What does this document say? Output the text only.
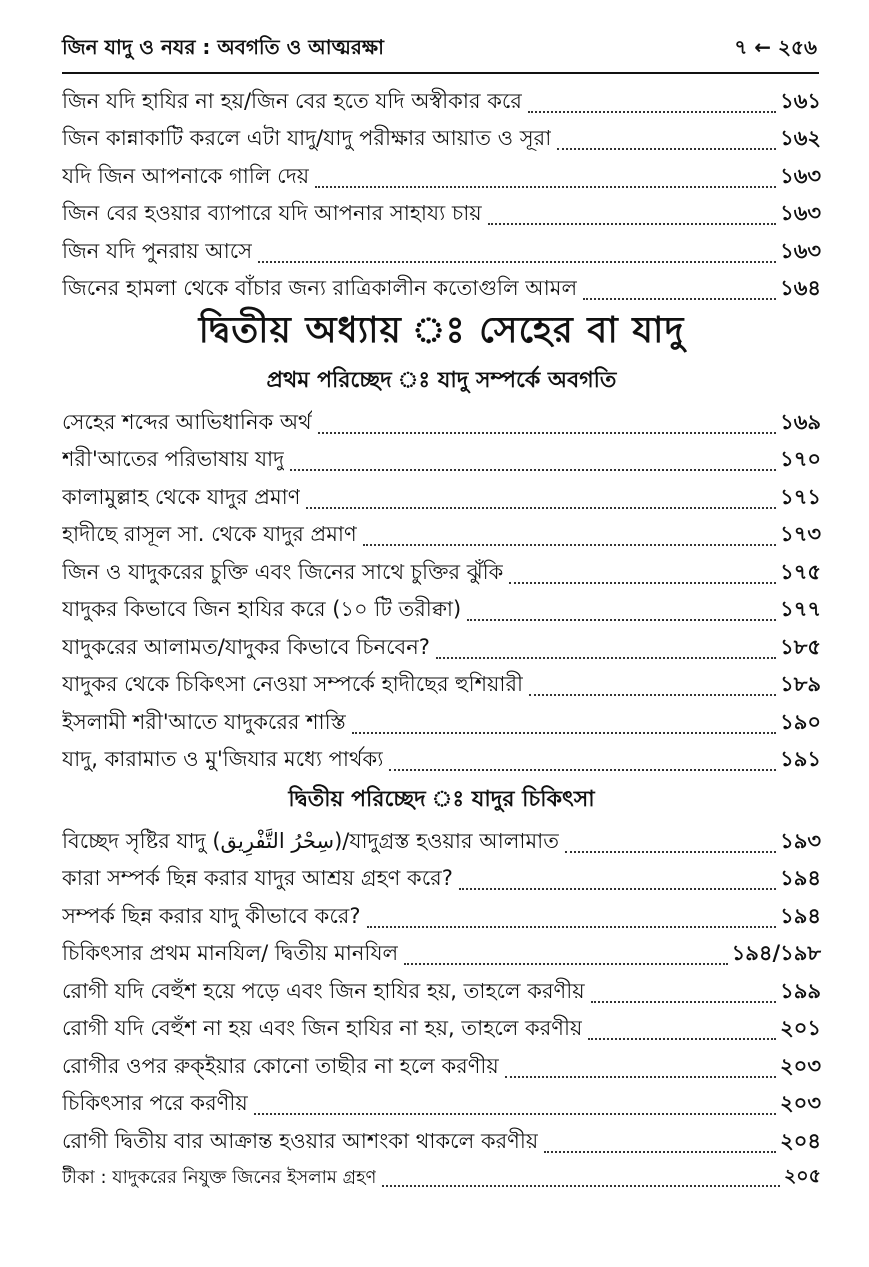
জিন যাদু ও নযর : অবগতি ও আত্মরক্ষা	৭ ← ২৫৬
জিন যদি হাযির না হয়/জিন বের হতে যদি অস্বীকার করে	১৬১
জিন কান্নাকাটি করলে এটা যাদু/যাদু পরীক্ষার আয়াত ও সূরা	১৬২
যদি জিন আপনাকে গালি দেয়	১৬৩
জিন বের হওয়ার ব্যাপারে যদি আপনার সাহায্য চায়	১৬৩
জিন যদি পুনরায় আসে	১৬৩
জিনের হামলা থেকে বাঁচার জন্য রাত্রিকালীন কতোগুলি আমল	১৬৪
দ্বিতীয় অধ্যায় ঃ সেহের বা যাদু
প্রথম পরিচ্ছেদ ঃ যাদু সম্পর্কে অবগতি
সেহের শব্দের আভিধানিক অর্থ	১৬৯
শরী'আতের পরিভাষায় যাদু	১৭০
কালামুল্লাহ থেকে যাদুর প্রমাণ	১৭১
হাদীছে রাসূল সা. থেকে যাদুর প্রমাণ	১৭৩
জিন ও যাদুকরের চুক্তি এবং জিনের সাথে চুক্তির ঝুঁকি	১৭৫
যাদুকর কিভাবে জিন হাযির করে (১০ টি তরীক্বা)	১৭৭
যাদুকরের আলামত/যাদুকর কিভাবে চিনবেন?	১৮৫
যাদুকর থেকে চিকিৎসা নেওয়া সম্পর্কে হাদীছের হুশিয়ারী	১৮৯
ইসলামী শরী'আতে যাদুকরের শাস্তি	১৯০
যাদু, কারামাত ও মু'জিযার মধ্যে পার্থক্য	১৯১
দ্বিতীয় পরিচ্ছেদ ঃ যাদুর চিকিৎসা
বিচ্ছেদ সৃষ্টির যাদু (سِحْرُ التَّفْرِيق)/যাদুগ্রস্ত হওয়ার আলামাত	১৯৩
কারা সম্পর্ক ছিন্ন করার যাদুর আশ্রয় গ্রহণ করে?	১৯৪
সম্পর্ক ছিন্ন করার যাদু কীভাবে করে?	১৯৪
চিকিৎসার প্রথম মানযিল/ দ্বিতীয় মানযিল	১৯৪/১৯৮
রোগী যদি বেহুঁশ হয়ে পড়ে এবং জিন হাযির হয়, তাহলে করণীয়	১৯৯
রোগী যদি বেহুঁশ না হয় এবং জিন হাযির না হয়, তাহলে করণীয়	২০১
রোগীর ওপর রুক্ইয়ার কোনো তাছীর না হলে করণীয়	২০৩
চিকিৎসার পরে করণীয়	২০৩
রোগী দ্বিতীয় বার আক্রান্ত হওয়ার আশংকা থাকলে করণীয়	২০৪
টীকা : যাদুকরের নিযুক্ত জিনের ইসলাম গ্রহণ	২০৫
